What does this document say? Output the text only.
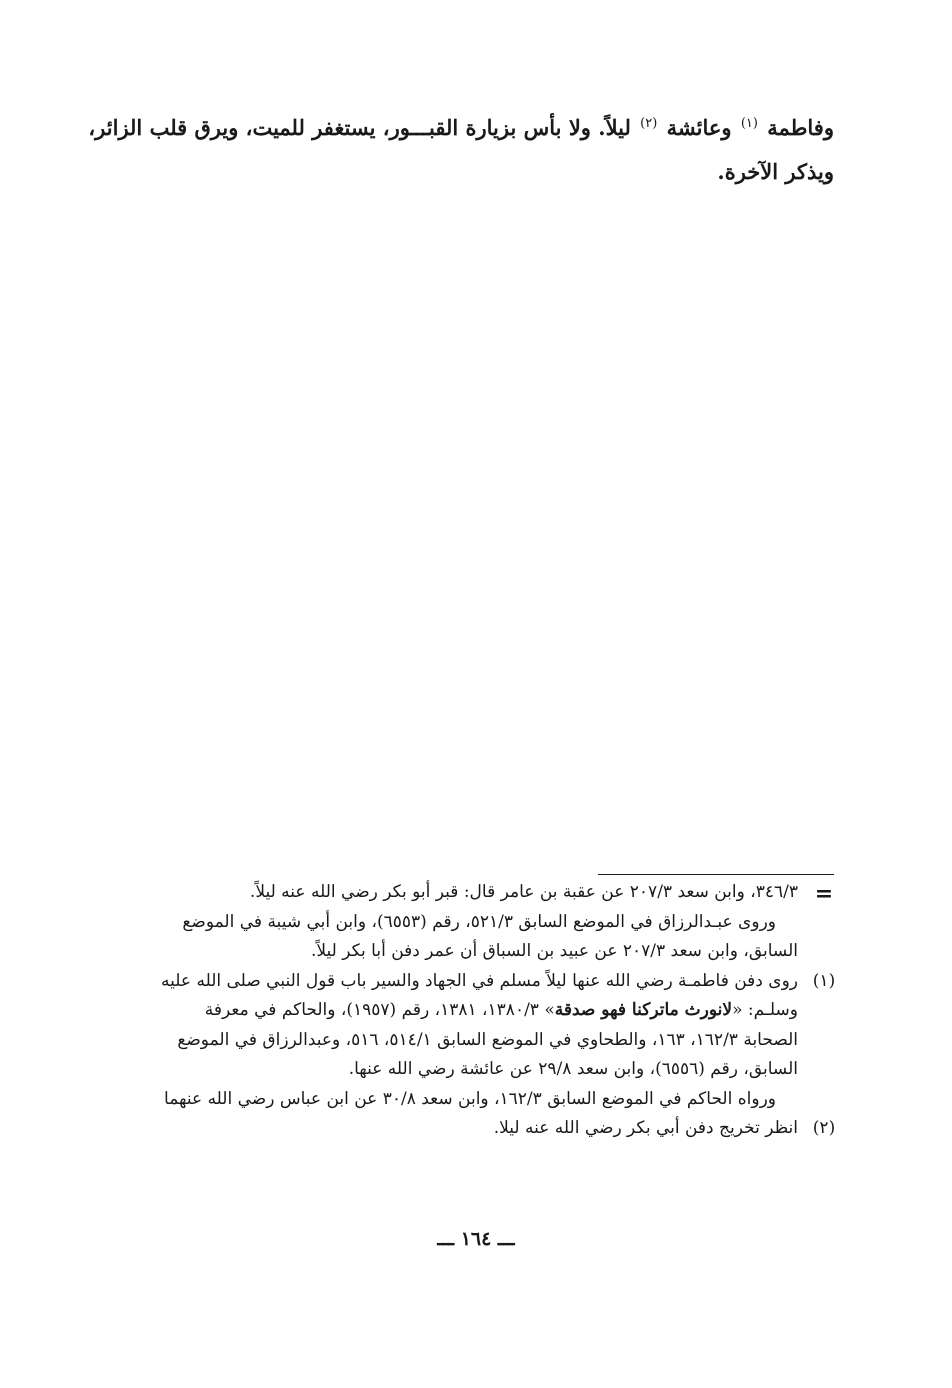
وفاطمة $^{(١)}$ وعائشة $^{(٢)}$ ليلاً. ولا بأس بزيارة القبـــور، يستغفر للميت، ويرق قلب الزائر،
ويذكر الآخرة.
=
٣٤٦/٣، وابن سعد ٢٠٧/٣ عن عقبة بن عامر قال: قبر أبو بكر رضي الله عنه ليلاً.
وروى عبـدالرزاق في الموضع السابق ٥٢١/٣، رقم (٦٥٥٣)، وابن أبي شيبة في الموضع
السابق، وابن سعد ٢٠٧/٣ عن عبيد بن السباق أن عمر دفن أبا بكر ليلاً.
(١)
روى دفن فاطمـة رضي الله عنها ليلاً مسلم في الجهاد والسير باب قول النبي صلى الله عليه
وسلـم: «لانورث ماتركنا فهو صدقة» ١٣٨٠/٣، ١٣٨١، رقم (١٩٥٧)، والحاكم في معرفة
الصحابة ١٦٢/٣، ١٦٣، والطحاوي في الموضع السابق ٥١٤/١، ٥١٦، وعبدالرزاق في الموضع
السابق، رقم (٦٥٥٦)، وابن سعد ٢٩/٨ عن عائشة رضي الله عنها.
ورواه الحاكم في الموضع السابق ١٦٢/٣، وابن سعد ٣٠/٨ عن ابن عباس رضي الله عنهما
(٢)
انظر تخريج دفن أبي بكر رضي الله عنه ليلا.
ـــ ١٦٤ ـــ
